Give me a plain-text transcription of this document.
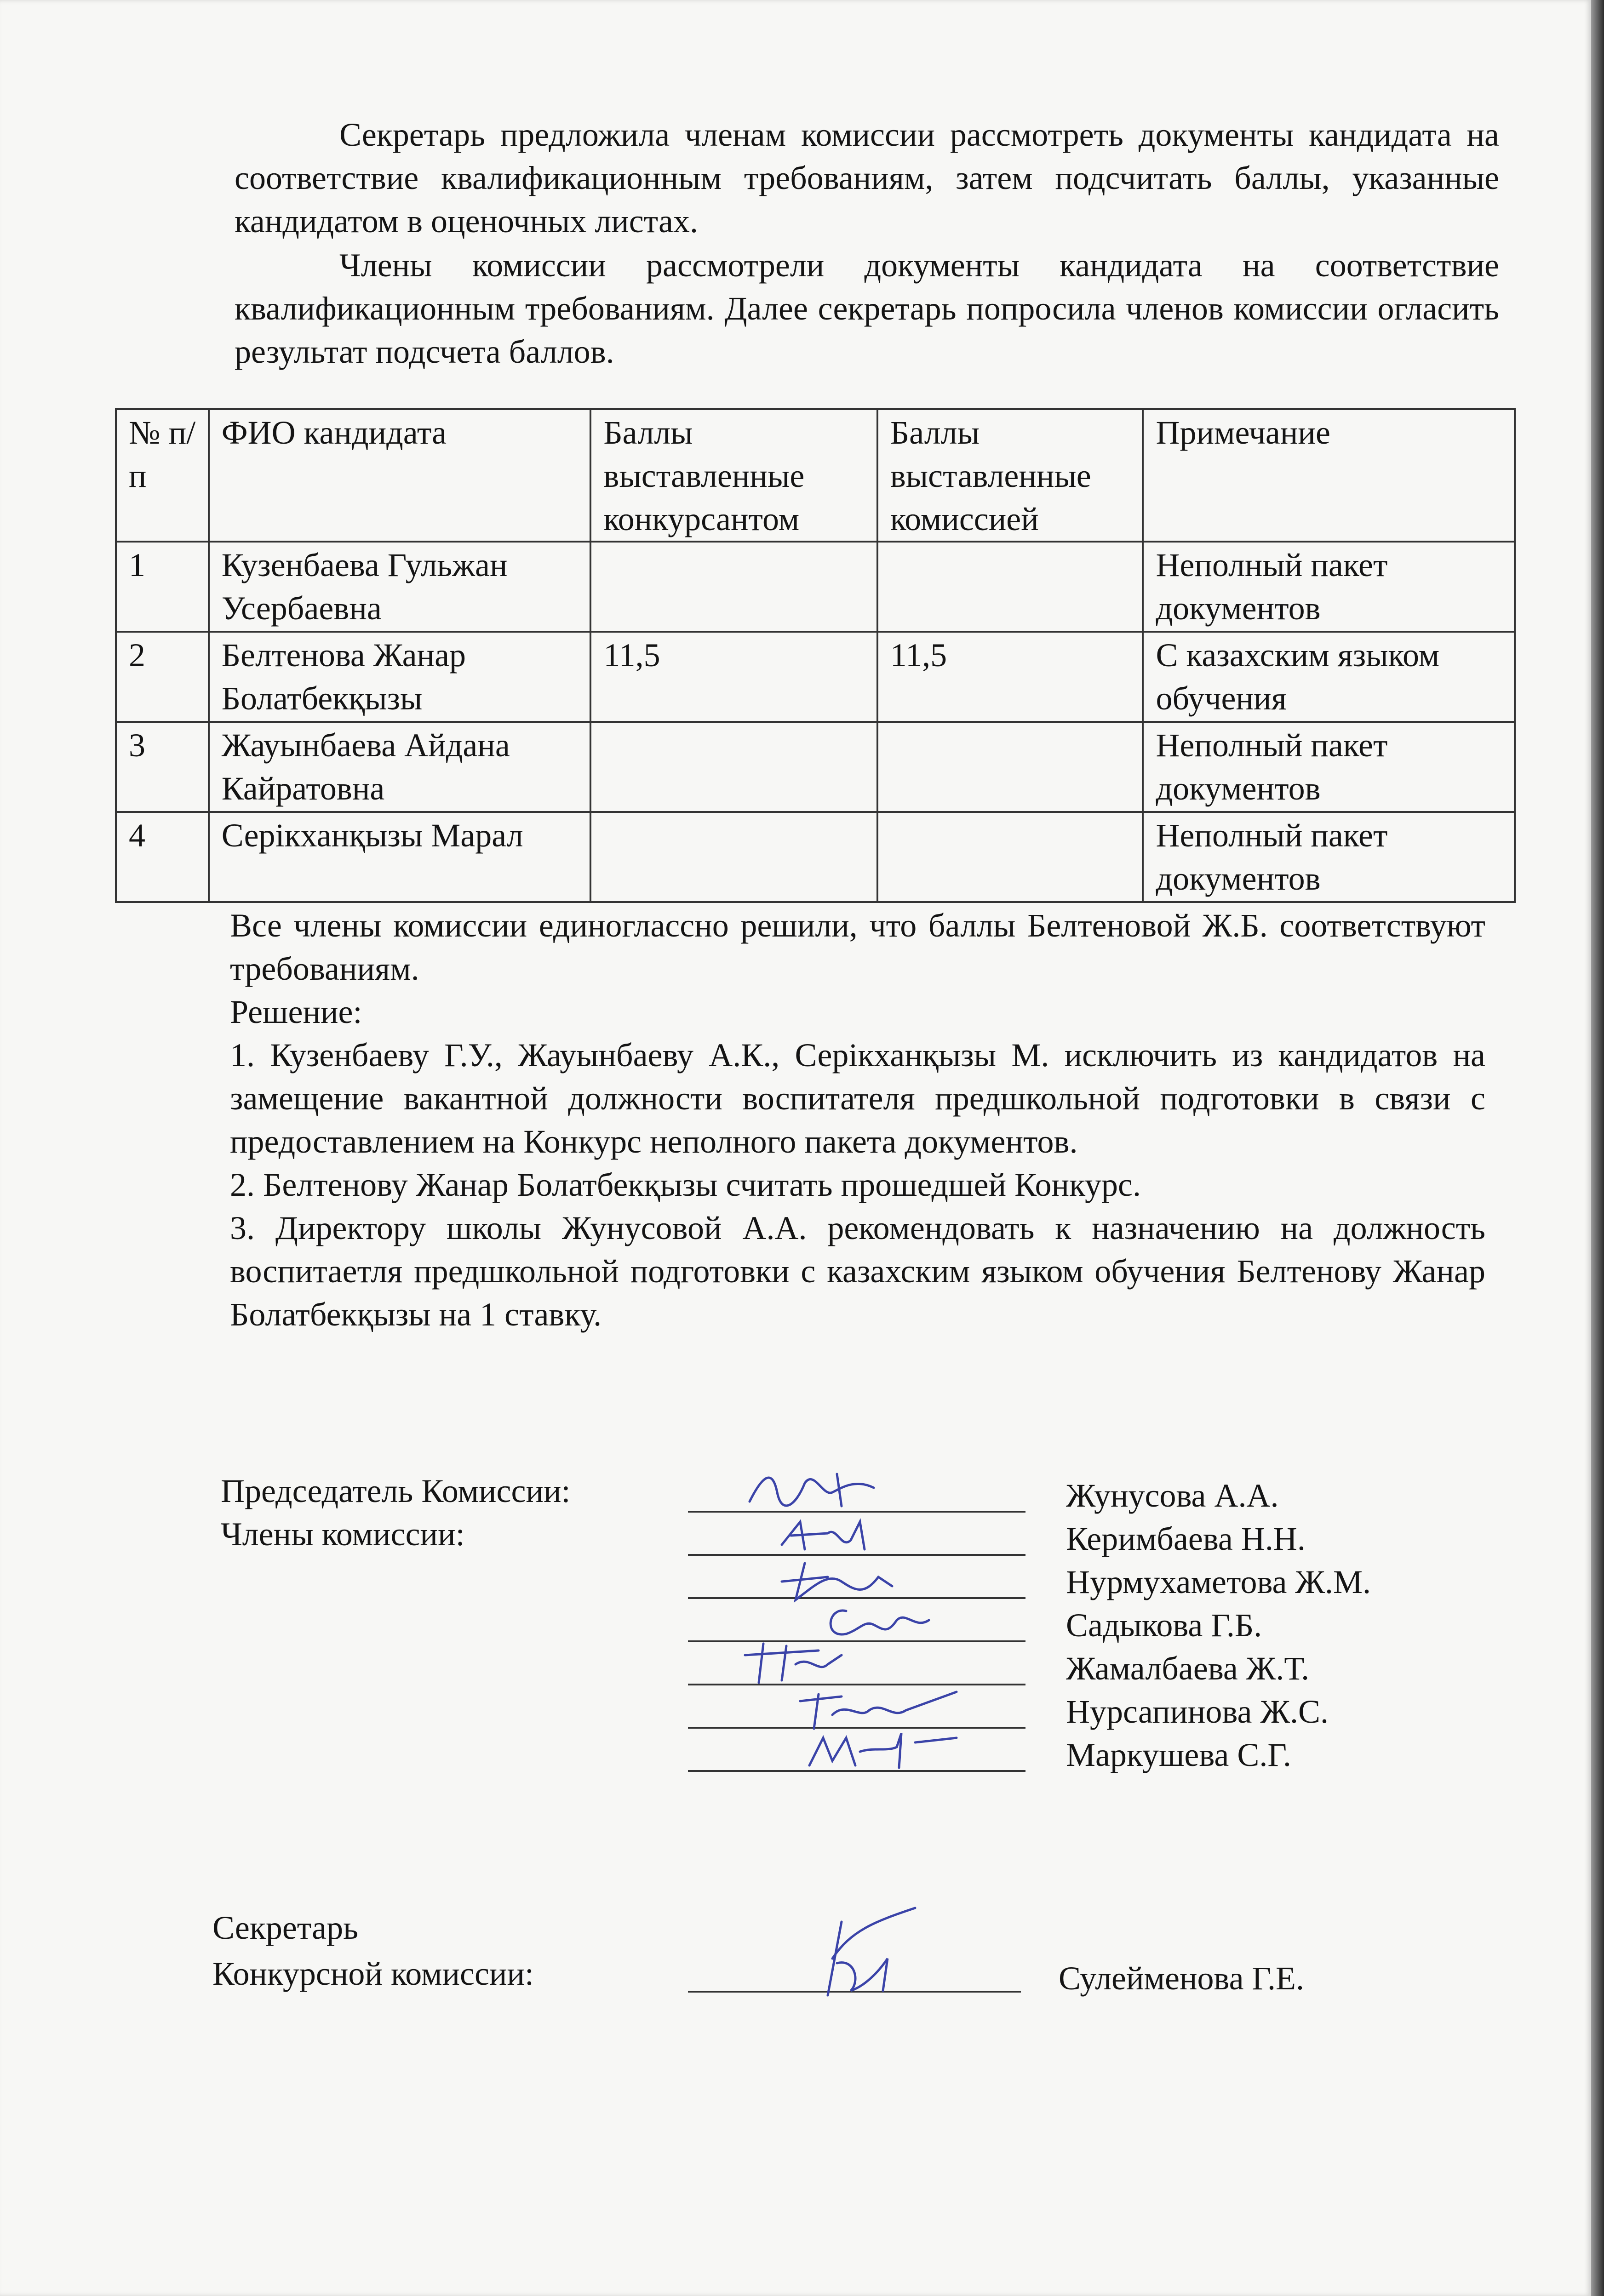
Секретарь предложила членам комиссии рассмотреть документы кандидата на соответствие квалификационным требованиям, затем подсчитать баллы, указанные кандидатом в оценочных листах.
Члены комиссии рассмотрели документы кандидата на соответствие квалификационным требованиям. Далее секретарь попросила членов комиссии огласить результат подсчета баллов.
№ п/п	ФИО кандидата	Баллы выставленные конкурсантом	Баллы выставленные комиссией	Примечание
1	Кузенбаева Гульжан Усербаевна			Неполный пакет документов
2	Белтенова Жанар Болатбекқызы	11,5	11,5	С казахским языком обучения
3	Жауынбаева Айдана Кайратовна			Неполный пакет документов
4	Серікханқызы Марал			Неполный пакет документов

Все члены комиссии единоглассно решили, что баллы Белтеновой Ж.Б. соответствуют требованиям.

Решение:

1. Кузенбаеву Г.У., Жауынбаеву А.К., Серікханқызы М. исключить из кандидатов на замещение вакантной должности воспитателя предшкольной подготовки в связи с предоставлением на Конкурс неполного пакета документов.

2. Белтенову Жанар Болатбекқызы считать прошедшей Конкурс.

3. Директору школы Жунусовой А.А. рекомендовать к назначению на должность воспитаетля предшкольной подготовки с казахским языком обучения Белтенову Жанар Болатбекқызы на 1 ставку.

Председатель Комиссии:
Члены комиссии:
Жунусова А.А.
Керимбаева Н.Н.
Нурмухаметова Ж.М.
Садыкова Г.Б.
Жамалбаева Ж.Т.
Нурсапинова Ж.С.
Маркушева С.Г.
Секретарь
Конкурсной комиссии:	Сулейменова Г.Е.
